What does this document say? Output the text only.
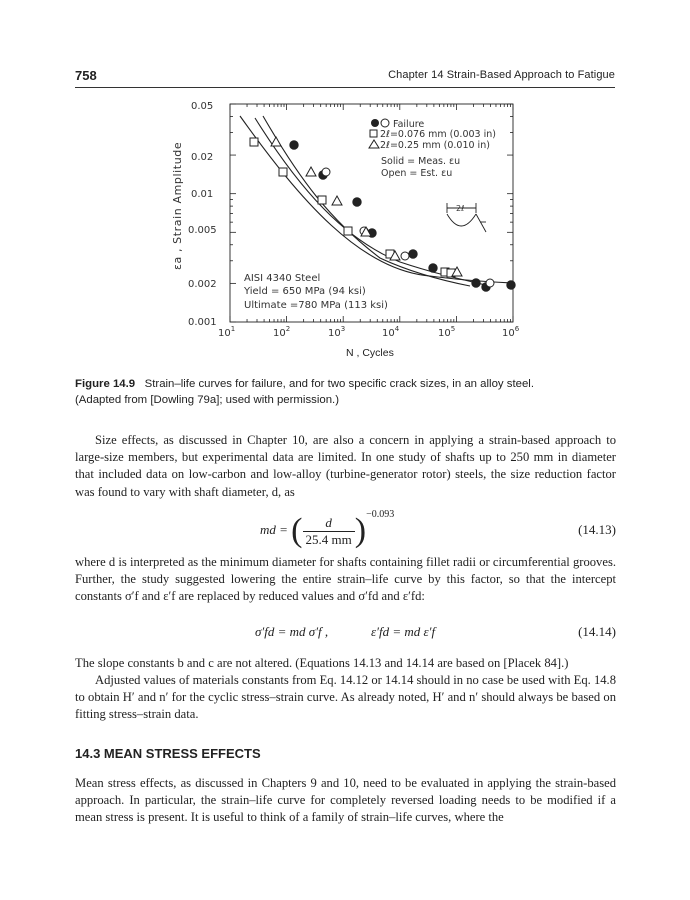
758	Chapter 14 Strain-Based Approach to Fatigue
0.05
0.02
0.01
0.005
0.002
0.001
εa , Strain Amplitude
$10^1$	$10^2$	$10^3$	$10^4$	$10^5$	$10^6$
N , Cycles
Failure
2ℓ=0.076 mm (0.003 in)
2ℓ=0.25 mm (0.010 in)
Solid = Meas. εu
Open = Est. εu
2ℓ
AISI 4340 Steel
Yield = 650 MPa (94 ksi)
Ultimate =780 MPa (113 ksi)
Figure 14.9 Strain–life curves for failure, and for two specific crack sizes, in an alloy steel.
(Adapted from [Dowling 79a]; used with permission.)

Size effects, as discussed in Chapter 10, are also a concern in applying a strain-based approach to large-size members, but experimental data are limited. In one study of shafts up to 250 mm in diameter that included data on low-carbon and low-alloy (turbine-generator rotor) steels, the size reduction factor was found to vary with shaft diameter, d, as

md = ( $\frac{d}{25.4 mm} )^{-0.093}$
(14.13)

where d is interpreted as the minimum diameter for shafts containing fillet radii or circumferential grooves. Further, the study suggested lowering the entire strain–life curve by this factor, so that the intercept constants σ′f and ε′f are replaced by reduced values and σ′fd and ε′fd:

σ′fd = md σ′f ,	ε′fd = md ε′f	(14.14)

The slope constants b and c are not altered. (Equations 14.13 and 14.14 are based on [Placek 84].)

Adjusted values of materials constants from Eq. 14.12 or 14.14 should in no case be used with Eq. 14.8 to obtain H′ and n′ for the cyclic stress–strain curve. As already noted, H′ and n′ should always be based on fitting stress–strain data.

14.3 MEAN STRESS EFFECTS

Mean stress effects, as discussed in Chapters 9 and 10, need to be evaluated in applying the strain-based approach. In particular, the strain–life curve for completely reversed loading needs to be modified if a mean stress is present. It is useful to think of a family of strain–life curves, where the
